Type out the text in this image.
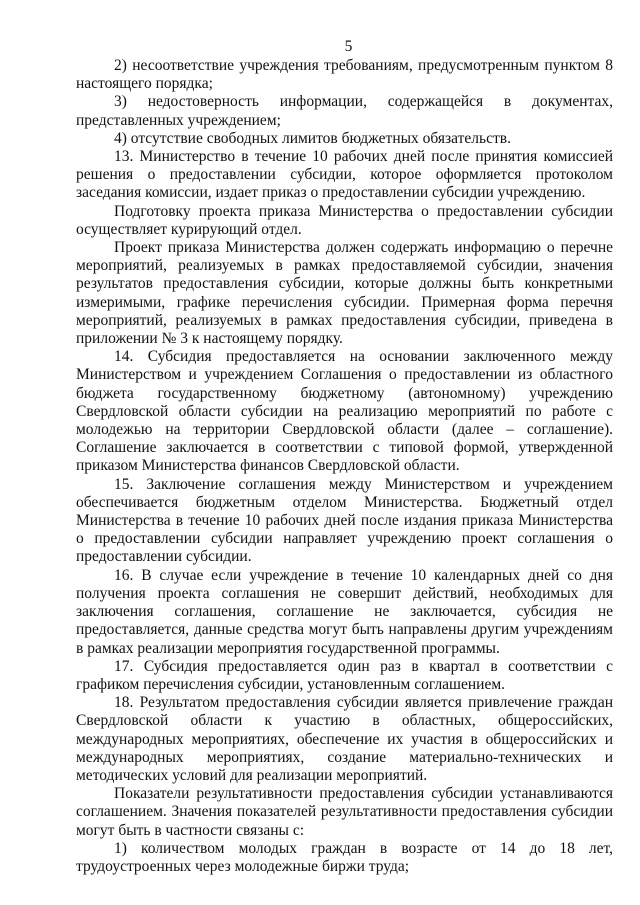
5

2) несоответствие учреждения требованиям, предусмотренным пунктом 8 настоящего порядка;

3) недостоверность информации, содержащейся в документах, представленных учреждением;

4) отсутствие свободных лимитов бюджетных обязательств.

13. Министерство в течение 10 рабочих дней после принятия комиссией решения о предоставлении субсидии, которое оформляется протоколом заседания комиссии, издает приказ о предоставлении субсидии учреждению.

Подготовку проекта приказа Министерства о предоставлении субсидии осуществляет курирующий отдел.

Проект приказа Министерства должен содержать информацию о перечне мероприятий, реализуемых в рамках предоставляемой субсидии, значения результатов предоставления субсидии, которые должны быть конкретными измеримыми, графике перечисления субсидии. Примерная форма перечня мероприятий, реализуемых в рамках предоставления субсидии, приведена в приложении № 3 к настоящему порядку.

14. Субсидия предоставляется на основании заключенного между Министерством и учреждением Соглашения о предоставлении из областного бюджета государственному бюджетному (автономному) учреждению Свердловской области субсидии на реализацию мероприятий по работе с молодежью на территории Свердловской области (далее – соглашение). Соглашение заключается в соответствии с типовой формой, утвержденной приказом Министерства финансов Свердловской области.

15. Заключение соглашения между Министерством и учреждением обеспечивается бюджетным отделом Министерства. Бюджетный отдел Министерства в течение 10 рабочих дней после издания приказа Министерства о предоставлении субсидии направляет учреждению проект соглашения о предоставлении субсидии.

16. В случае если учреждение в течение 10 календарных дней со дня получения проекта соглашения не совершит действий, необходимых для заключения соглашения, соглашение не заключается, субсидия не предоставляется, данные средства могут быть направлены другим учреждениям в рамках реализации мероприятия государственной программы.

17. Субсидия предоставляется один раз в квартал в соответствии с графиком перечисления субсидии, установленным соглашением.

18. Результатом предоставления субсидии является привлечение граждан Свердловской области к участию в областных, общероссийских, международных мероприятиях, обеспечение их участия в общероссийских и международных мероприятиях, создание материально-технических и методических условий для реализации мероприятий.

Показатели результативности предоставления субсидии устанавливаются соглашением. Значения показателей результативности предоставления субсидии могут быть в частности связаны с:

1) количеством молодых граждан в возрасте от 14 до 18 лет, трудоустроенных через молодежные биржи труда;
